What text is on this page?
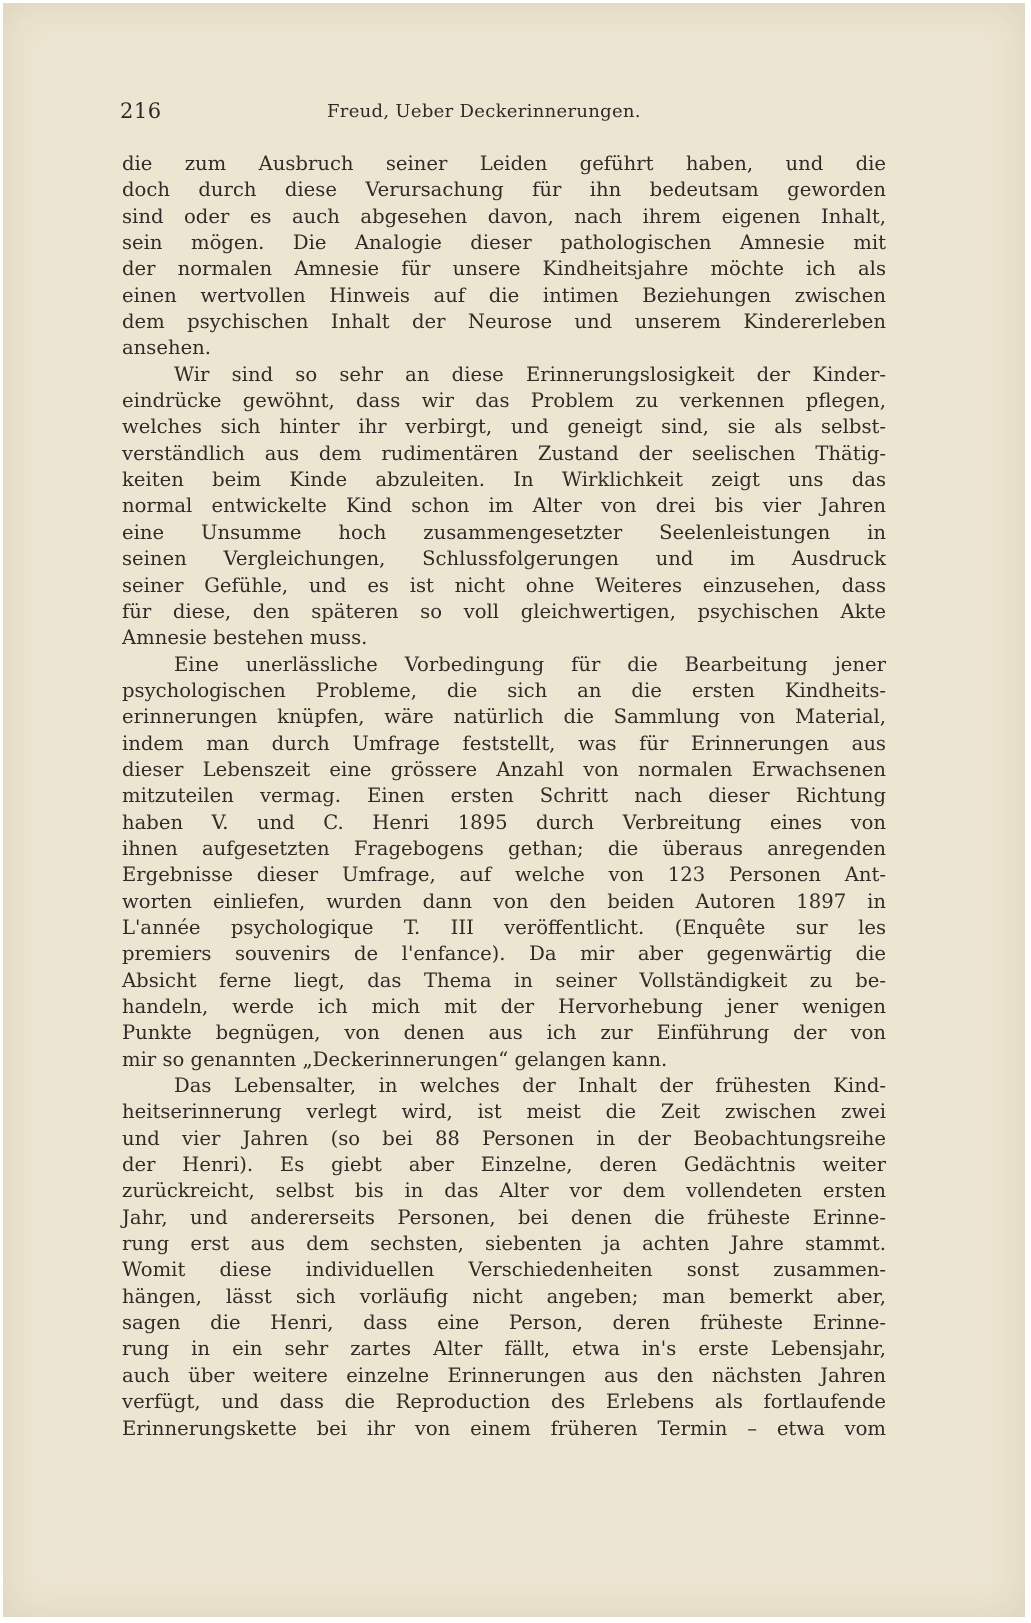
216	Freud, Ueber Deckerinnerungen.
die zum Ausbruch seiner Leiden geführt haben, und die
doch durch diese Verursachung für ihn bedeutsam geworden
sind oder es auch abgesehen davon, nach ihrem eigenen Inhalt,
sein mögen. Die Analogie dieser pathologischen Amnesie mit
der normalen Amnesie für unsere Kindheitsjahre möchte ich als
einen wertvollen Hinweis auf die intimen Beziehungen zwischen
dem psychischen Inhalt der Neurose und unserem Kindererleben
ansehen.
Wir sind so sehr an diese Erinnerungslosigkeit der Kinder-
eindrücke gewöhnt, dass wir das Problem zu verkennen pflegen,
welches sich hinter ihr verbirgt, und geneigt sind, sie als selbst-
verständlich aus dem rudimentären Zustand der seelischen Thätig-
keiten beim Kinde abzuleiten. In Wirklichkeit zeigt uns das
normal entwickelte Kind schon im Alter von drei bis vier Jahren
eine Unsumme hoch zusammengesetzter Seelenleistungen in
seinen Vergleichungen, Schlussfolgerungen und im Ausdruck
seiner Gefühle, und es ist nicht ohne Weiteres einzusehen, dass
für diese, den späteren so voll gleichwertigen, psychischen Akte
Amnesie bestehen muss.
Eine unerlässliche Vorbedingung für die Bearbeitung jener
psychologischen Probleme, die sich an die ersten Kindheits-
erinnerungen knüpfen, wäre natürlich die Sammlung von Material,
indem man durch Umfrage feststellt, was für Erinnerungen aus
dieser Lebenszeit eine grössere Anzahl von normalen Erwachsenen
mitzuteilen vermag. Einen ersten Schritt nach dieser Richtung
haben V. und C. Henri 1895 durch Verbreitung eines von
ihnen aufgesetzten Fragebogens gethan; die überaus anregenden
Ergebnisse dieser Umfrage, auf welche von 123 Personen Ant-
worten einliefen, wurden dann von den beiden Autoren 1897 in
L'année psychologique T. III veröffentlicht. (Enquête sur les
premiers souvenirs de l'enfance). Da mir aber gegenwärtig die
Absicht ferne liegt, das Thema in seiner Vollständigkeit zu be-
handeln, werde ich mich mit der Hervorhebung jener wenigen
Punkte begnügen, von denen aus ich zur Einführung der von
mir so genannten „Deckerinnerungen“ gelangen kann.
Das Lebensalter, in welches der Inhalt der frühesten Kind-
heitserinnerung verlegt wird, ist meist die Zeit zwischen zwei
und vier Jahren (so bei 88 Personen in der Beobachtungsreihe
der Henri). Es giebt aber Einzelne, deren Gedächtnis weiter
zurückreicht, selbst bis in das Alter vor dem vollendeten ersten
Jahr, und andererseits Personen, bei denen die früheste Erinne-
rung erst aus dem sechsten, siebenten ja achten Jahre stammt.
Womit diese individuellen Verschiedenheiten sonst zusammen-
hängen, lässt sich vorläufig nicht angeben; man bemerkt aber,
sagen die Henri, dass eine Person, deren früheste Erinne-
rung in ein sehr zartes Alter fällt, etwa in's erste Lebensjahr,
auch über weitere einzelne Erinnerungen aus den nächsten Jahren
verfügt, und dass die Reproduction des Erlebens als fortlaufende
Erinnerungskette bei ihr von einem früheren Termin – etwa vom
